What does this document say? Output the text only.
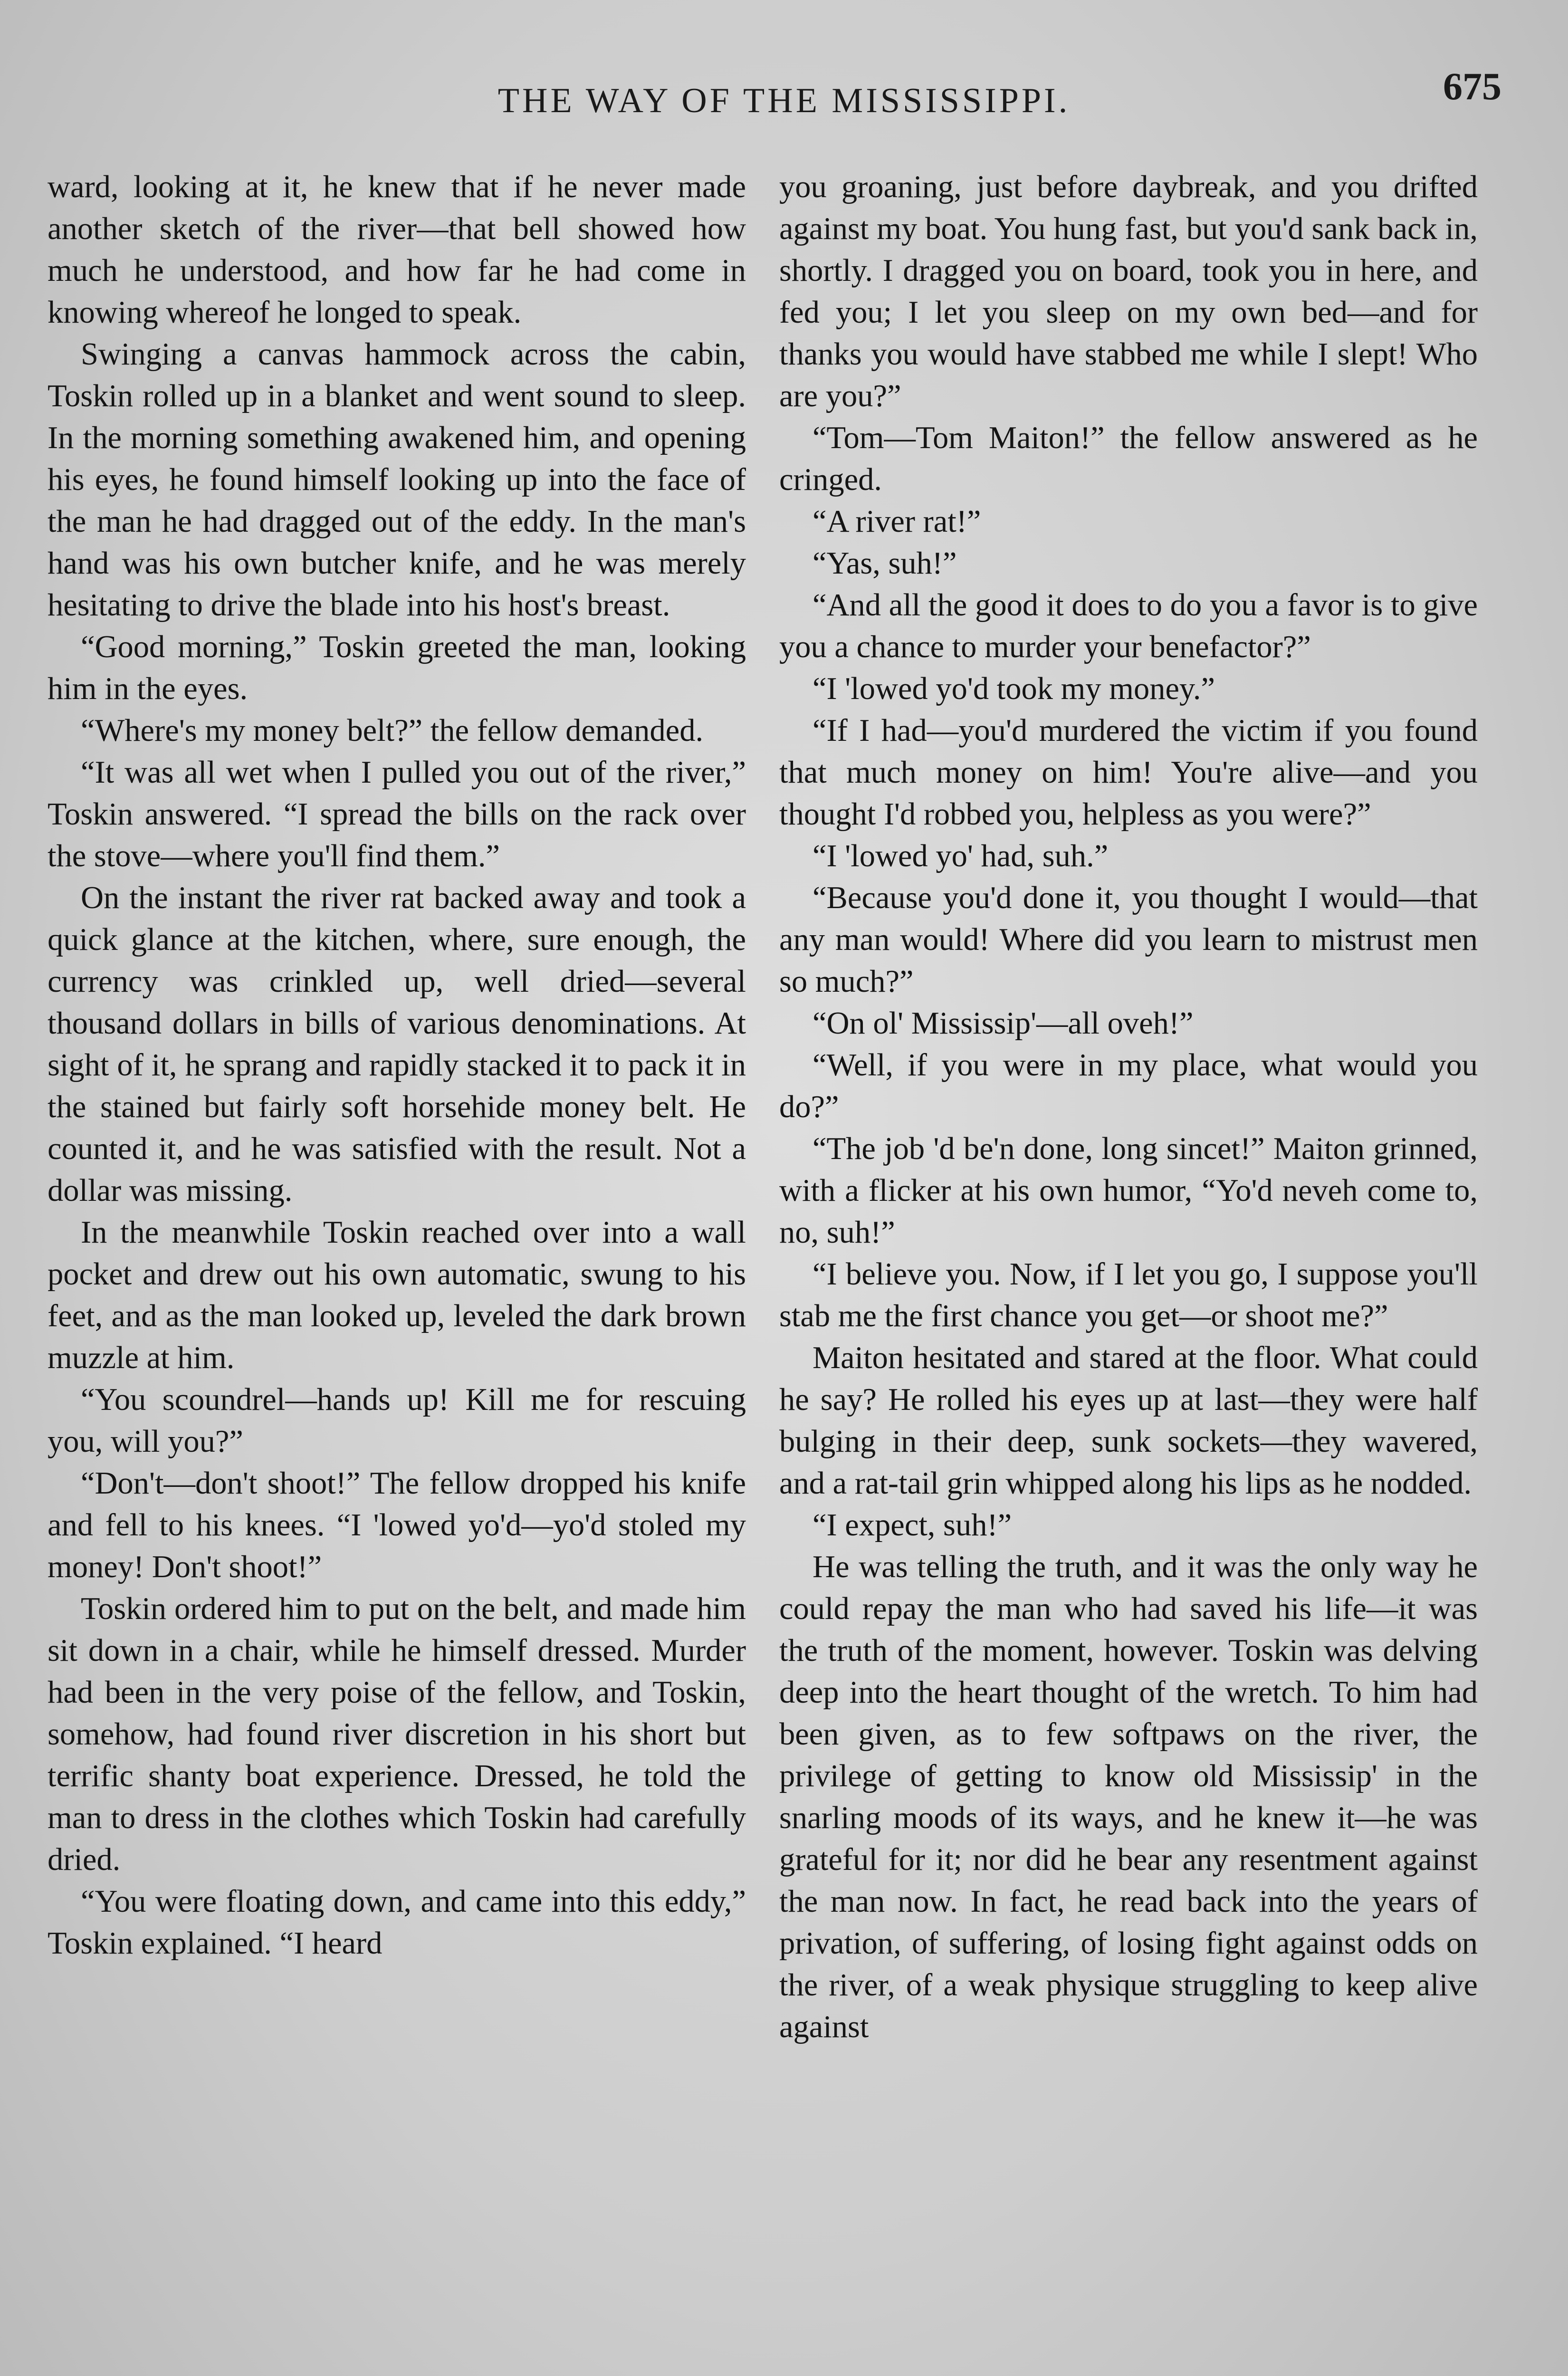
THE WAY OF THE MISSISSIPPI.	675

ward, looking at it, he knew that if he never made another sketch of the river—that bell showed how much he understood, and how far he had come in knowing whereof he longed to speak.

Swinging a canvas hammock across the cabin, Toskin rolled up in a blanket and went sound to sleep. In the morning something awakened him, and opening his eyes, he found himself looking up into the face of the man he had dragged out of the eddy. In the man's hand was his own butcher knife, and he was merely hesitating to drive the blade into his host's breast.

“Good morning,” Toskin greeted the man, looking him in the eyes.

“Where's my money belt?” the fellow demanded.

“It was all wet when I pulled you out of the river,” Toskin answered. “I spread the bills on the rack over the stove—where you'll find them.”

On the instant the river rat backed away and took a quick glance at the kitchen, where, sure enough, the currency was crinkled up, well dried—several thousand dollars in bills of various denominations. At sight of it, he sprang and rapidly stacked it to pack it in the stained but fairly soft horsehide money belt. He counted it, and he was satisfied with the result. Not a dollar was missing.

In the meanwhile Toskin reached over into a wall pocket and drew out his own automatic, swung to his feet, and as the man looked up, leveled the dark brown muzzle at him.

“You scoundrel—hands up! Kill me for rescuing you, will you?”

“Don't—don't shoot!” The fellow dropped his knife and fell to his knees. “I 'lowed yo'd—yo'd stoled my money! Don't shoot!”

Toskin ordered him to put on the belt, and made him sit down in a chair, while he himself dressed. Murder had been in the very poise of the fellow, and Toskin, somehow, had found river discretion in his short but terrific shanty boat experience. Dressed, he told the man to dress in the clothes which Toskin had carefully dried.

“You were floating down, and came into this eddy,” Toskin explained. “I heard

you groaning, just before daybreak, and you drifted against my boat. You hung fast, but you'd sank back in, shortly. I dragged you on board, took you in here, and fed you; I let you sleep on my own bed—and for thanks you would have stabbed me while I slept! Who are you?”

“Tom—Tom Maiton!” the fellow answered as he cringed.

“A river rat!”

“Yas, suh!”

“And all the good it does to do you a favor is to give you a chance to murder your benefactor?”

“I 'lowed yo'd took my money.”

“If I had—you'd murdered the victim if you found that much money on him! You're alive—and you thought I'd robbed you, helpless as you were?”

“I 'lowed yo' had, suh.”

“Because you'd done it, you thought I would—that any man would! Where did you learn to mistrust men so much?”

“On ol' Mississip'—all oveh!”

“Well, if you were in my place, what would you do?”

“The job 'd be'n done, long sincet!” Maiton grinned, with a flicker at his own humor, “Yo'd neveh come to, no, suh!”

“I believe you. Now, if I let you go, I suppose you'll stab me the first chance you get—or shoot me?”

Maiton hesitated and stared at the floor. What could he say? He rolled his eyes up at last—they were half bulging in their deep, sunk sockets—they wavered, and a rat-tail grin whipped along his lips as he nodded.

“I expect, suh!”

He was telling the truth, and it was the only way he could repay the man who had saved his life—it was the truth of the moment, however. Toskin was delving deep into the heart thought of the wretch. To him had been given, as to few softpaws on the river, the privilege of getting to know old Mississip' in the snarling moods of its ways, and he knew it—he was grateful for it; nor did he bear any resentment against the man now. In fact, he read back into the years of privation, of suffering, of losing fight against odds on the river, of a weak physique struggling to keep alive against
